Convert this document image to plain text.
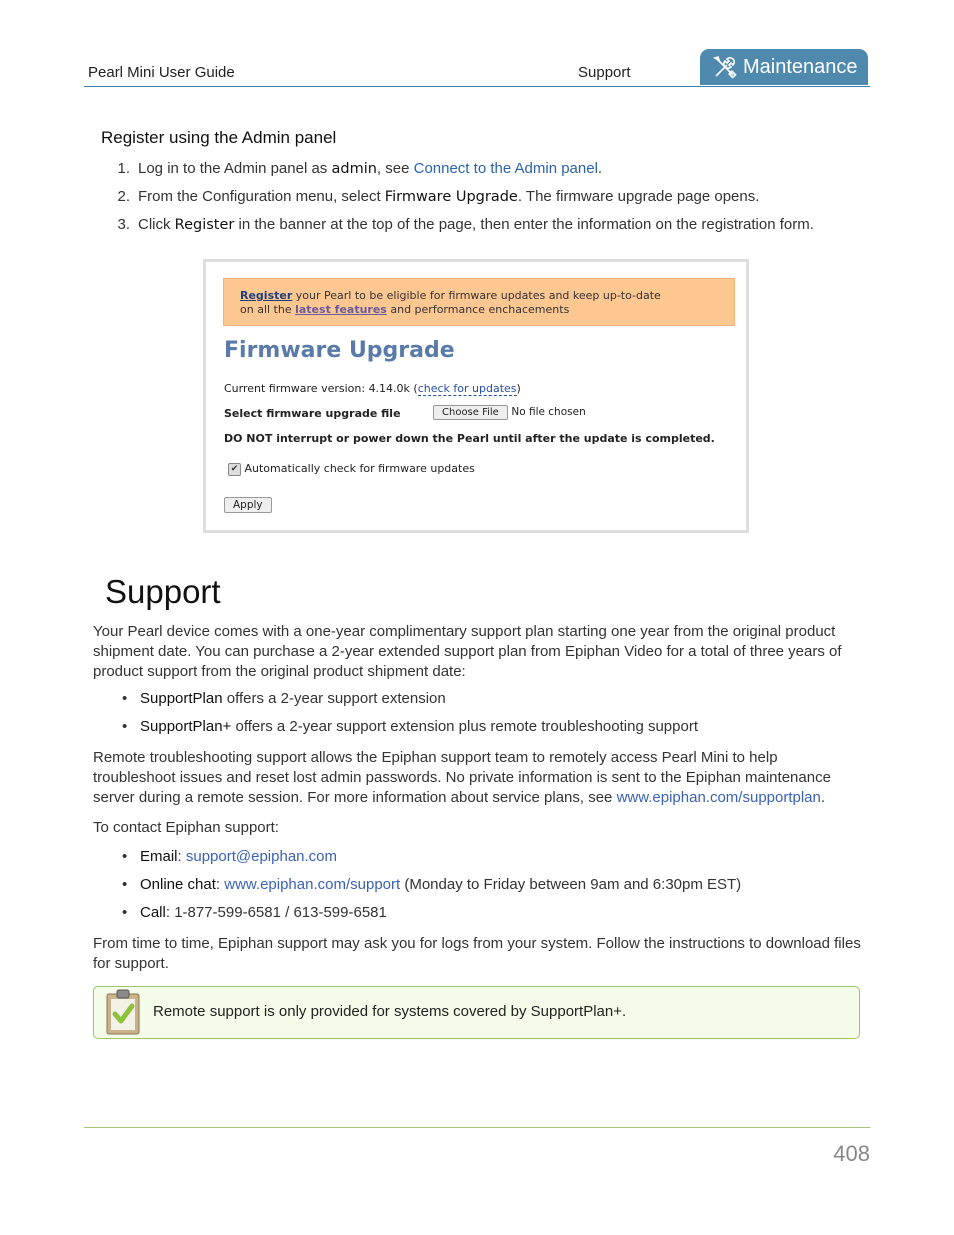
Pearl Mini User Guide	Support	Maintenance
Register using the Admin panel
1. Log in to the Admin panel as admin, see Connect to the Admin panel.
2. From the Configuration menu, select Firmware Upgrade. The firmware upgrade page opens.
3. Click Register in the banner at the top of the page, then enter the information on the registration form.
Register your Pearl to be eligible for firmware updates and keep up-to-date
on all the latest features and performance enchacements
Firmware Upgrade
Current firmware version: 4.14.0k (check for updates)
Select firmware upgrade file	Choose File No file chosen
DO NOT interrupt or power down the Pearl until after the update is completed.
✔ Automatically check for firmware updates
Apply
Support
Your Pearl device comes with a one-year complimentary support plan starting one year from the original product shipment date. You can purchase a 2-year extended support plan from Epiphan Video for a total of three years of product support from the original product shipment date:
• SupportPlan offers a 2-year support extension
• SupportPlan+ offers a 2-year support extension plus remote troubleshooting support
Remote troubleshooting support allows the Epiphan support team to remotely access Pearl Mini to help troubleshoot issues and reset lost admin passwords. No private information is sent to the Epiphan maintenance server during a remote session. For more information about service plans, see www.epiphan.com/supportplan.
To contact Epiphan support:
• Email: support@epiphan.com
• Online chat: www.epiphan.com/support (Monday to Friday between 9am and 6:30pm EST)
• Call: 1-877-599-6581 / 613-599-6581
From time to time, Epiphan support may ask you for logs from your system. Follow the instructions to download files for support.
Remote support is only provided for systems covered by SupportPlan+.
408
